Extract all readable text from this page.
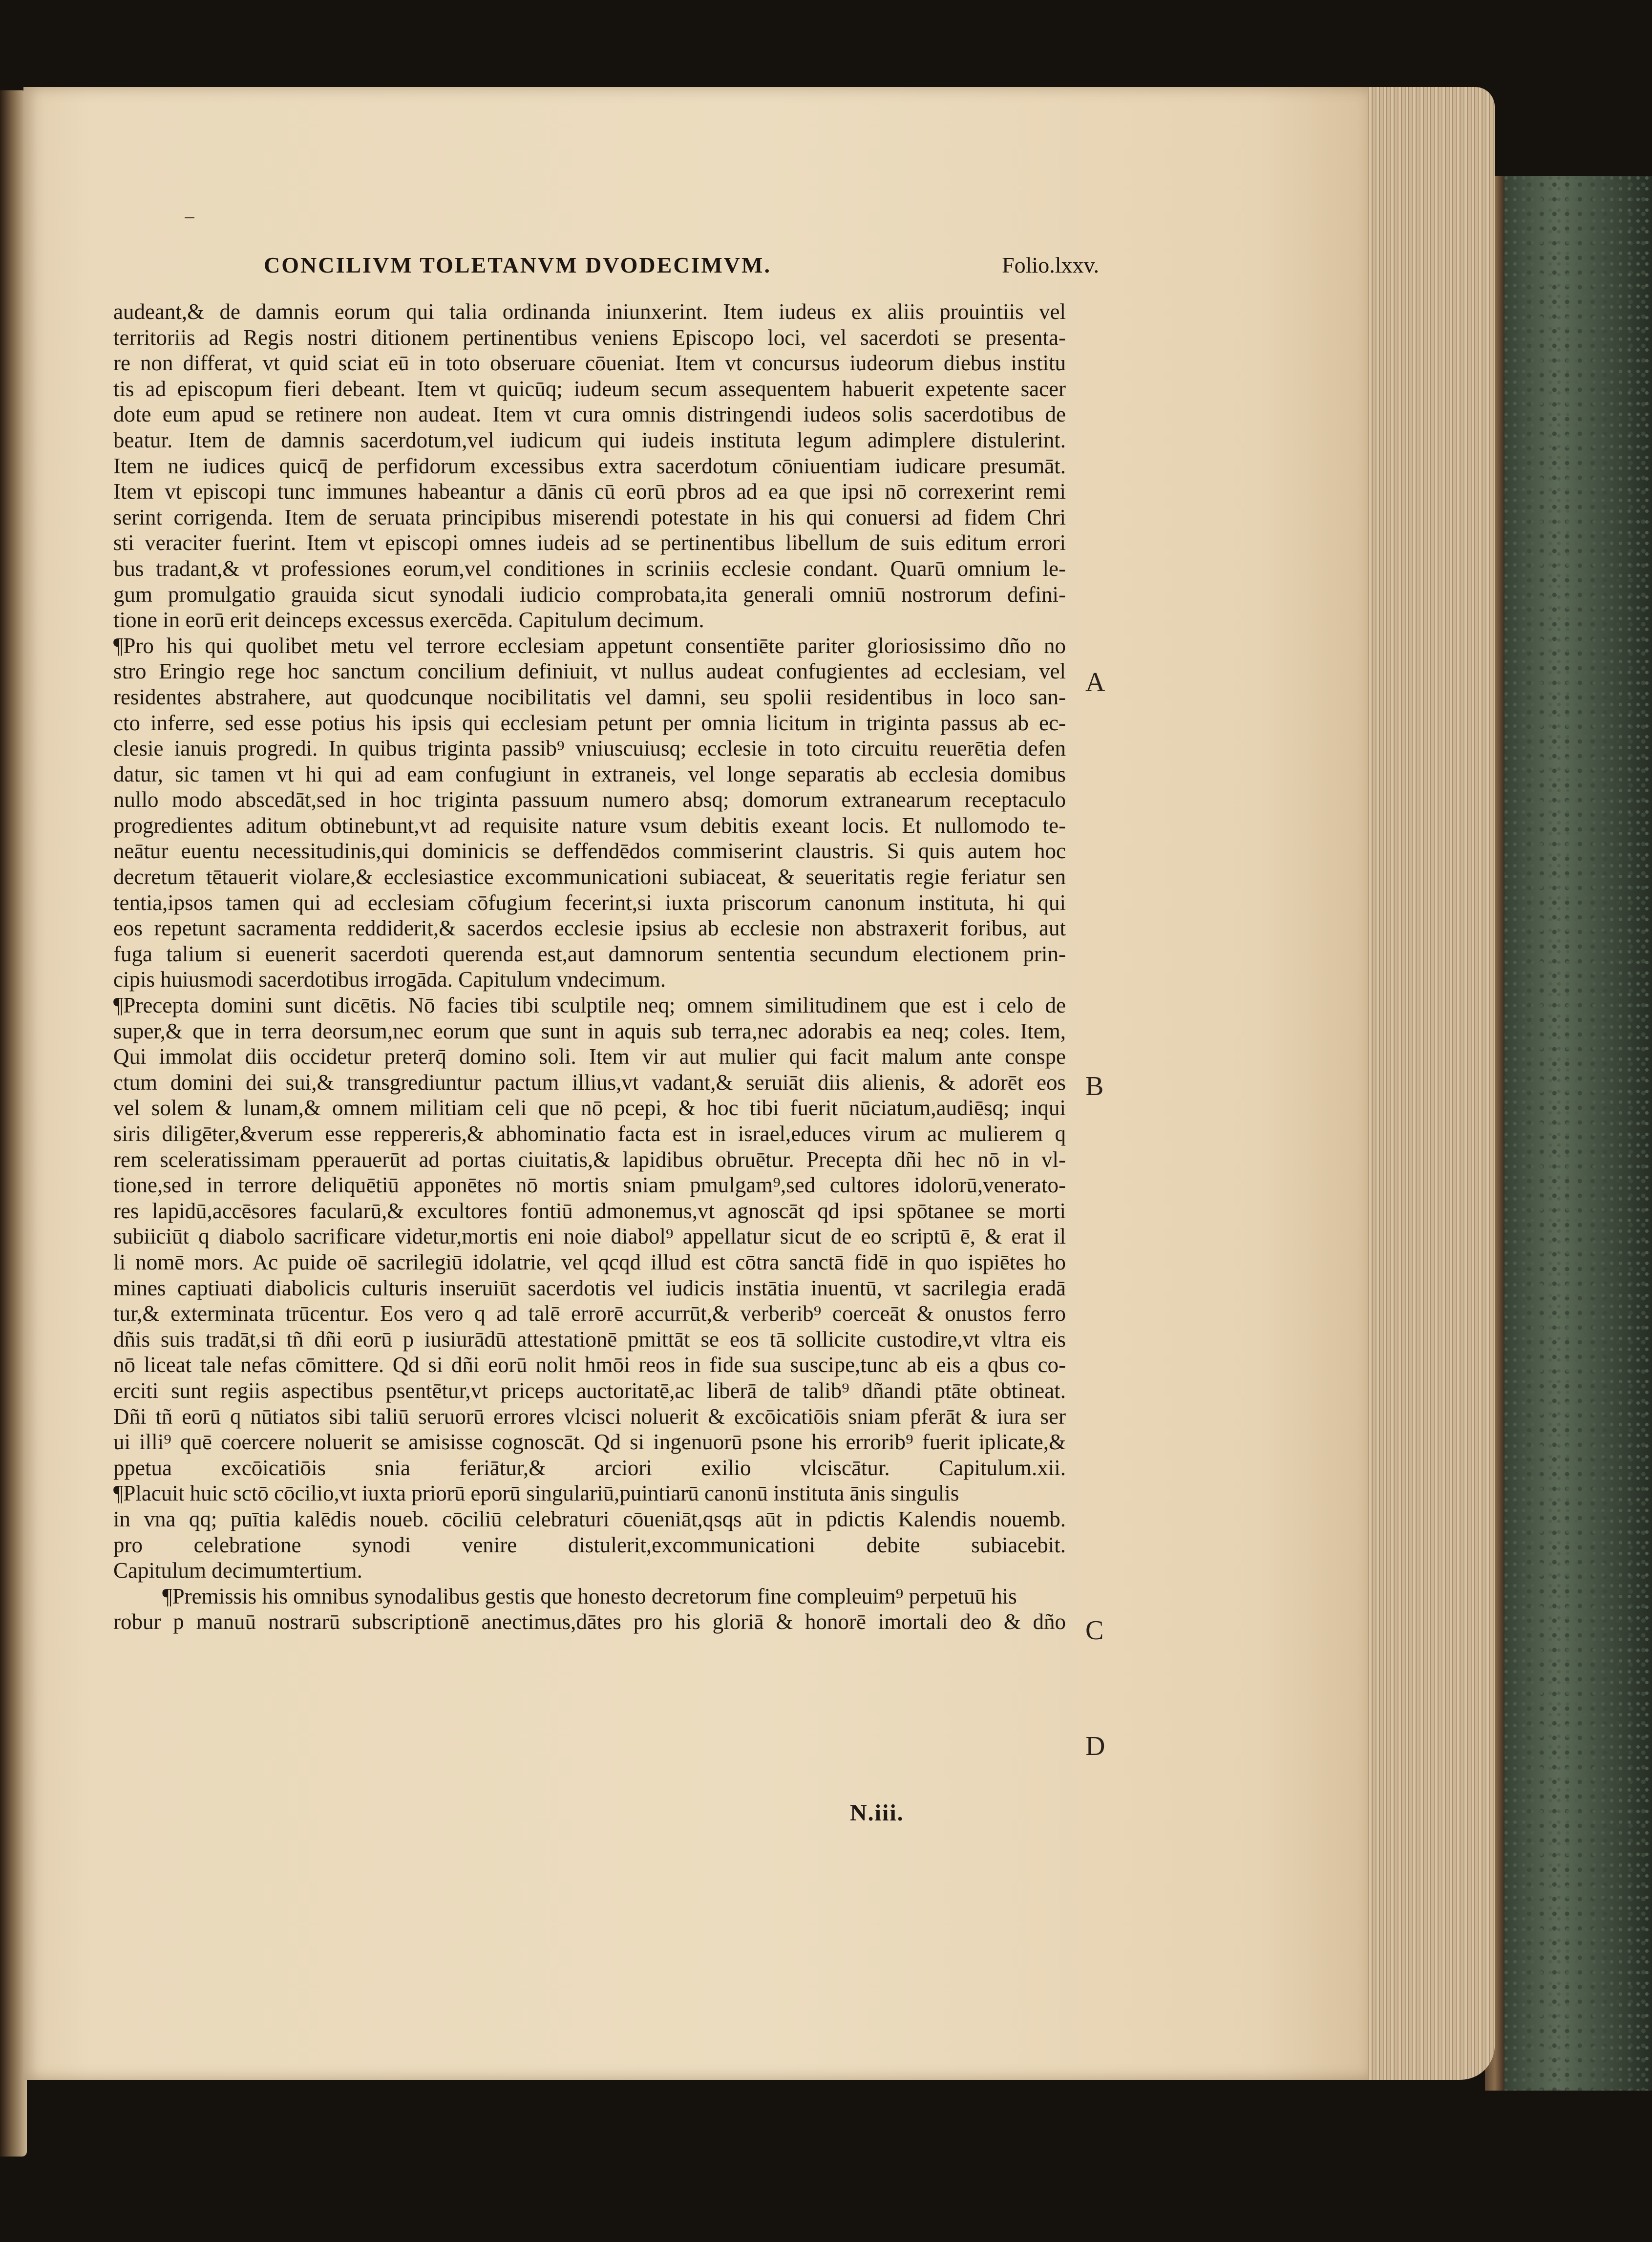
CONCILIVM TOLETANVM DVODECIMVM.	Folio.lxxv.
audeant,& de damnis eorum qui talia ordinanda iniunxerint. Item iudeus ex aliis prouintiis vel
territoriis ad Regis nostri ditionem pertinentibus veniens Episcopo loci, vel sacerdoti se presenta-
re non differat, vt quid sciat eū in toto obseruare cōueniat. Item vt concursus iudeorum diebus institu
tis ad episcopum fieri debeant. Item vt quicūq; iudeum secum assequentem habuerit expetente sacer
dote eum apud se retinere non audeat. Item vt cura omnis distringendi iudeos solis sacerdotibus de
beatur. Item de damnis sacerdotum,vel iudicum qui iudeis instituta legum adimplere distulerint.
Item ne iudices quicq̄ de perfidorum excessibus extra sacerdotum cōniuentiam iudicare presumāt.
Item vt episcopi tunc immunes habeantur a dānis cū eorū pbros ad ea que ipsi nō correxerint remi
serint corrigenda. Item de seruata principibus miserendi potestate in his qui conuersi ad fidem Chri
sti veraciter fuerint. Item vt episcopi omnes iudeis ad se pertinentibus libellum de suis editum errori
bus tradant,& vt professiones eorum,vel conditiones in scriniis ecclesie condant. Quarū omnium le-
gum promulgatio grauida sicut synodali iudicio comprobata,ita generali omniū nostrorum defini-
tione in eorū erit deinceps excessus exercēda. Capitulum decimum.
¶Pro his qui quolibet metu vel terrore ecclesiam appetunt consentiēte pariter gloriosissimo dño no
stro Eringio rege hoc sanctum concilium definiuit, vt nullus audeat confugientes ad ecclesiam, vel
residentes abstrahere, aut quodcunque nocibilitatis vel damni, seu spolii residentibus in loco san-
cto inferre, sed esse potius his ipsis qui ecclesiam petunt per omnia licitum in triginta passus ab ec-
clesie ianuis progredi. In quibus triginta passib⁹ vniuscuiusq; ecclesie in toto circuitu reuerētia defen
datur, sic tamen vt hi qui ad eam confugiunt in extraneis, vel longe separatis ab ecclesia domibus
nullo modo abscedāt,sed in hoc triginta passuum numero absq; domorum extranearum receptaculo
progredientes aditum obtinebunt,vt ad requisite nature vsum debitis exeant locis. Et nullomodo te-
neātur euentu necessitudinis,qui dominicis se deffendēdos commiserint claustris. Si quis autem hoc
decretum tētauerit violare,& ecclesiastice excommunicationi subiaceat, & seueritatis regie feriatur sen
tentia,ipsos tamen qui ad ecclesiam cōfugium fecerint,si iuxta priscorum canonum instituta, hi qui
eos repetunt sacramenta reddiderit,& sacerdos ecclesie ipsius ab ecclesie non abstraxerit foribus, aut
fuga talium si euenerit sacerdoti querenda est,aut damnorum sententia secundum electionem prin-
cipis huiusmodi sacerdotibus irrogāda. Capitulum vndecimum.
¶Precepta domini sunt dicētis. Nō facies tibi sculptile neq; omnem similitudinem que est i celo de
super,& que in terra deorsum,nec eorum que sunt in aquis sub terra,nec adorabis ea neq; coles. Item,
Qui immolat diis occidetur preterq̄ domino soli. Item vir aut mulier qui facit malum ante conspe
ctum domini dei sui,& transgrediuntur pactum illius,vt vadant,& seruiāt diis alienis, & adorēt eos
vel solem & lunam,& omnem militiam celi que nō pcepi, & hoc tibi fuerit nūciatum,audiēsq; inqui
siris diligēter,&verum esse reppereris,& abhominatio facta est in israel,educes virum ac mulierem q
rem sceleratissimam pperauerūt ad portas ciuitatis,& lapidibus obruētur. Precepta dñi hec nō in vl-
tione,sed in terrore deliquētiū apponētes nō mortis sniam pmulgam⁹,sed cultores idolorū,venerato-
res lapidū,accēsores facularū,& excultores fontiū admonemus,vt agnoscāt qd ipsi spōtanee se morti
subiiciūt q diabolo sacrificare videtur,mortis eni noie diabol⁹ appellatur sicut de eo scriptū ē, & erat il
li nomē mors. Ac puide oē sacrilegiū idolatrie, vel qcqd illud est cōtra sanctā fidē in quo ispiētes ho
mines captiuati diabolicis culturis inseruiūt sacerdotis vel iudicis instātia inuentū, vt sacrilegia eradā
tur,& exterminata trūcentur. Eos vero q ad talē errorē accurrūt,& verberib⁹ coerceāt & onustos ferro
dñis suis tradāt,si tñ dñi eorū p iusiurādū attestationē pmittāt se eos tā sollicite custodire,vt vltra eis
nō liceat tale nefas cōmittere. Qd si dñi eorū nolit hmōi reos in fide sua suscipe,tunc ab eis a qbus co-
erciti sunt regiis aspectibus psentētur,vt priceps auctoritatē,ac liberā de talib⁹ dñandi ptāte obtineat.
Dñi tñ eorū q nūtiatos sibi taliū seruorū errores vlcisci noluerit & excōicatiōis sniam pferāt & iura ser
ui illi⁹ quē coercere noluerit se amisisse cognoscāt. Qd si ingenuorū psone his errorib⁹ fuerit iplicate,&
ppetua excōicatiōis snia feriātur,& arciori exilio vlciscātur. Capitulum.xii.
¶Placuit huic sctō cōcilio,vt iuxta priorū eporū singulariū,puintiarū canonū instituta ānis singulis
in vna qq; puītia kalēdis noueb. cōciliū celebraturi cōueniāt,qsqs aūt in pdictis Kalendis nouemb.
pro celebratione synodi venire distulerit,excommunicationi debite subiacebit.
Capitulum decimumtertium.
¶Premissis his omnibus synodalibus gestis que honesto decretorum fine compleuim⁹ perpetuū his
robur p manuū nostrarū subscriptionē anectimus,dātes pro his gloriā & honorē imortali deo & dño
A
B
C
D
N.iii.
